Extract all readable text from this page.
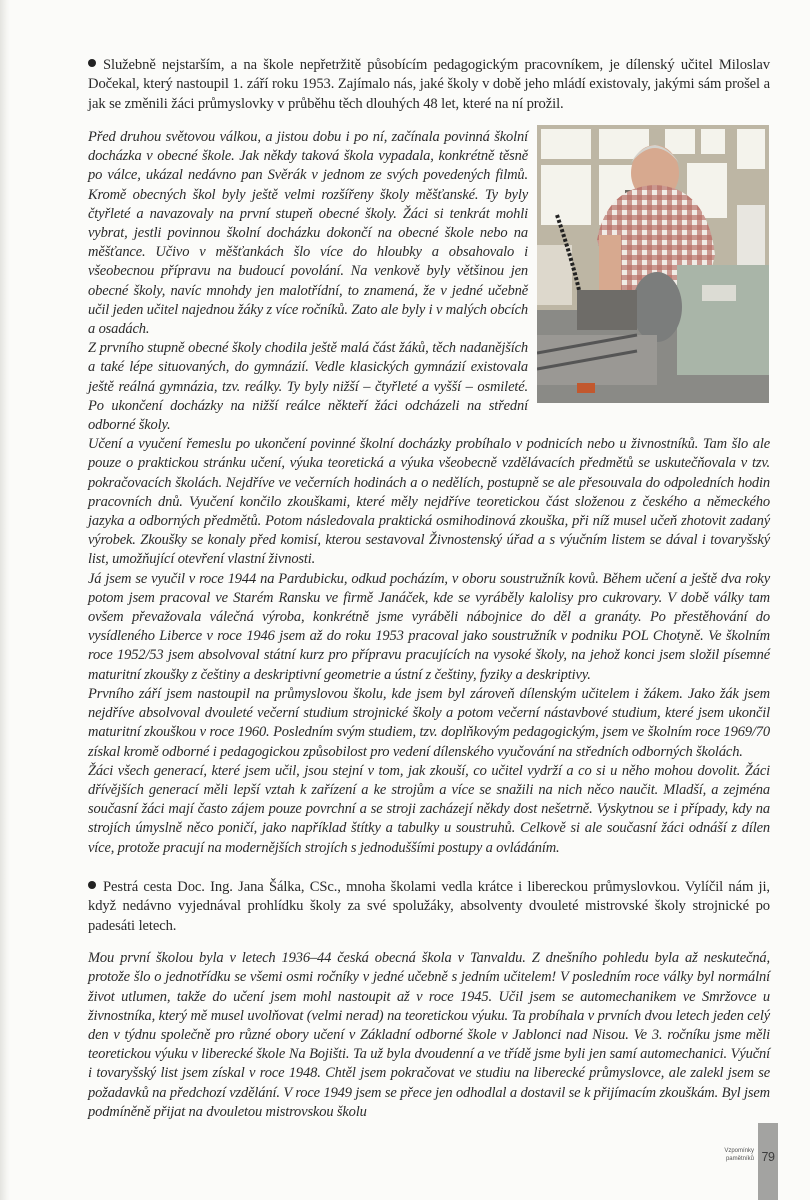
Služebně nejstarším, a na škole nepřetržitě působícím pedagogickým pracovníkem, je dílenský učitel Miloslav Dočekal, který nastoupil 1. září roku 1953. Zajímalo nás, jaké školy v době jeho mládí existovaly, jakými sám prošel a jak se změnili žáci průmyslovky v průběhu těch dlouhých 48 let, které na ní prožil.

Před druhou světovou válkou, a jistou dobu i po ní, začínala povinná školní docházka v obecné škole. Jak někdy taková škola vypadala, konkrétně těsně po válce, ukázal nedávno pan Svěrák v jednom ze svých povedených filmů. Kromě obecných škol byly ještě velmi rozšířeny školy měšťanské. Ty byly čtyřleté a navazovaly na první stupeň obecné školy. Žáci si tenkrát mohli vybrat, jestli povinnou školní docházku dokončí na obecné škole nebo na měšťance. Učivo v měšťankách šlo více do hloubky a obsahovalo i všeobecnou přípravu na budoucí povolání. Na venkově byly většinou jen obecné školy, navíc mnohdy jen malotřídní, to znamená, že v jedné učebně učil jeden učitel najednou žáky z více ročníků. Zato ale byly i v malých obcích a osadách.

Z prvního stupně obecné školy chodila ještě malá část žáků, těch nadanějších a také lépe situovaných, do gymnázií. Vedle klasických gymnázií existovala ještě reálná gymnázia, tzv. reálky. Ty byly nižší – čtyřleté a vyšší – osmileté. Po ukončení docházky na nižší reálce někteří žáci odcházeli na střední odborné školy.

Učení a vyučení řemeslu po ukončení povinné školní docházky probíhalo v podnicích nebo u živnostníků. Tam šlo ale pouze o praktickou stránku učení, výuka teoretická a výuka všeobecně vzdělávacích předmětů se uskutečňovala v tzv. pokračovacích školách. Nejdříve ve večerních hodinách a o nedělích, postupně se ale přesouvala do odpoledních hodin pracovních dnů. Vyučení končilo zkouškami, které měly nejdříve teoretickou část složenou z českého a německého jazyka a odborných předmětů. Potom následovala praktická osmihodinová zkouška, při níž musel učeň zhotovit zadaný výrobek. Zkoušky se konaly před komisí, kterou sestavoval Živnostenský úřad a s výučním listem se dával i tovaryšský list, umožňující otevření vlastní živnosti.

Já jsem se vyučil v roce 1944 na Pardubicku, odkud pocházím, v oboru soustružník kovů. Během učení a ještě dva roky potom jsem pracoval ve Starém Ransku ve firmě Janáček, kde se vyráběly kalolisy pro cukrovary. V době války tam ovšem převažovala válečná výroba, konkrétně jsme vyráběli nábojnice do děl a granáty. Po přestěhování do vysídleného Liberce v roce 1946 jsem až do roku 1953 pracoval jako soustružník v podniku POL Chotyně. Ve školním roce 1952/53 jsem absolvoval státní kurz pro přípravu pracujících na vysoké školy, na jehož konci jsem složil písemné maturitní zkoušky z češtiny a deskriptivní geometrie a ústní z češtiny, fyziky a deskriptivy.

Prvního září jsem nastoupil na průmyslovou školu, kde jsem byl zároveň dílenským učitelem i žákem. Jako žák jsem nejdříve absolvoval dvouleté večerní studium strojnické školy a potom večerní nástavbové studium, které jsem ukončil maturitní zkouškou v roce 1960. Posledním svým studiem, tzv. doplňkovým pedagogickým, jsem ve školním roce 1969/70 získal kromě odborné i pedagogickou způsobilost pro vedení dílenského vyučování na středních odborných školách.

Žáci všech generací, které jsem učil, jsou stejní v tom, jak zkouší, co učitel vydrží a co si u něho mohou dovolit. Žáci dřívějších generací měli lepší vztah k zařízení a ke strojům a více se snažili na nich něco naučit. Mladší, a zejména současní žáci mají často zájem pouze povrchní a se stroji zacházejí někdy dost nešetrně. Vyskytnou se i případy, kdy na strojích úmyslně něco poničí, jako například štítky a tabulky u soustruhů. Celkově si ale současní žáci odnáší z dílen více, protože pracují na modernějších strojích s jednoduššími postupy a ovládáním.

Pestrá cesta Doc. Ing. Jana Šálka, CSc., mnoha školami vedla krátce i libereckou průmyslovkou. Vylíčil nám ji, když nedávno vyjednával prohlídku školy za své spolužáky, absolventy dvouleté mistrovské školy strojnické po padesáti letech.

Mou první školou byla v letech 1936–44 česká obecná škola v Tanvaldu. Z dnešního pohledu byla až neskutečná, protože šlo o jednotřídku se všemi osmi ročníky v jedné učebně s jedním učitelem! V posledním roce války byl normální život utlumen, takže do učení jsem mohl nastoupit až v roce 1945. Učil jsem se automechanikem ve Smržovce u živnostníka, který mě musel uvolňovat (velmi nerad) na teoretickou výuku. Ta probíhala v prvních dvou letech jeden celý den v týdnu společně pro různé obory učení v Základní odborné škole v Jablonci nad Nisou. Ve 3. ročníku jsme měli teoretickou výuku v liberecké škole Na Bojišti. Ta už byla dvoudenní a ve třídě jsme byli jen samí automechanici. Výuční i tovaryšský list jsem získal v roce 1948. Chtěl jsem pokračovat ve studiu na liberecké průmyslovce, ale zalekl jsem se požadavků na předchozí vzdělání. V roce 1949 jsem se přece jen odhodlal a dostavil se k přijímacím zkouškám. Byl jsem podmíněně přijat na dvouletou mistrovskou školu

Vzpomínky
pamětníků 79
